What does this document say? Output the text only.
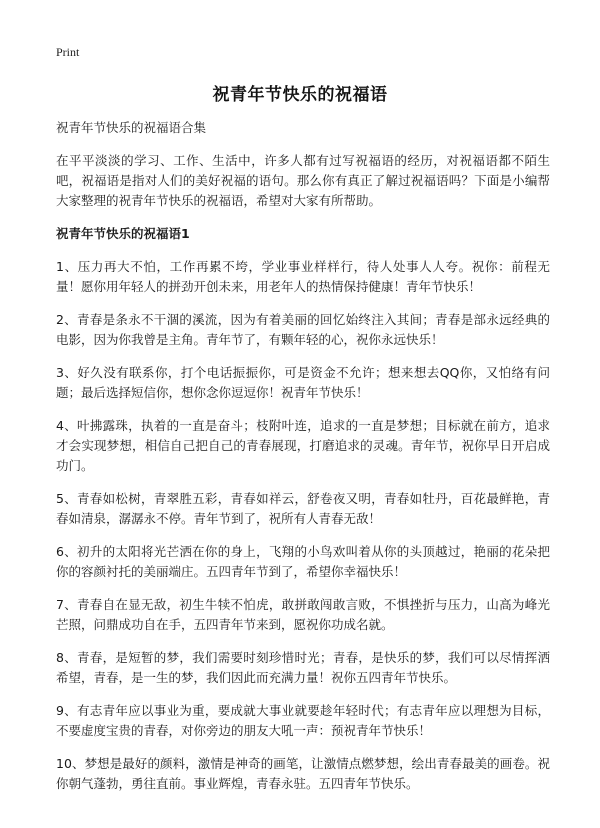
Print
祝青年节快乐的祝福语

祝青年节快乐的祝福语合集

在平平淡淡的学习、工作、生活中，许多人都有过写祝福语的经历，对祝福语都不陌生吧，祝福语是指对人们的美好祝福的语句。那么你有真正了解过祝福语吗？下面是小编帮大家整理的祝青年节快乐的祝福语，希望对大家有所帮助。

祝青年节快乐的祝福语1

1、压力再大不怕，工作再累不垮，学业事业样样行，待人处事人人夸。祝你：前程无量！愿你用年轻人的拼劲开创未来，用老年人的热情保持健康！青年节快乐！

2、青春是条永不干涸的溪流，因为有着美丽的回忆始终注入其间；青春是部永远经典的电影，因为你我曾是主角。青年节了，有颗年轻的心，祝你永远快乐！

3、好久没有联系你，打个电话振振你，可是资金不允许；想来想去QQ你，又怕络有问题；最后选择短信你，想你念你逗逗你！祝青年节快乐！

4、叶拂露珠，执着的一直是奋斗；枝附叶连，追求的一直是梦想；目标就在前方，追求才会实现梦想，相信自己把自己的青春展现，打磨追求的灵魂。青年节，祝你早日开启成功门。

5、青春如松树，青翠胜五彩，青春如祥云，舒卷夜又明，青春如牡丹，百花最鲜艳，青春如清泉，潺潺永不停。青年节到了，祝所有人青春无敌！

6、初升的太阳将光芒洒在你的身上，飞翔的小鸟欢叫着从你的头顶越过，艳丽的花朵把你的容颜衬托的美丽端庄。五四青年节到了，希望你幸福快乐！

7、青春自在显无敌，初生牛犊不怕虎，敢拼敢闯敢言败，不惧挫折与压力，山高为峰光芒照，问鼎成功自在手，五四青年节来到，愿祝你功成名就。

8、青春，是短暂的梦，我们需要时刻珍惜时光；青春，是快乐的梦，我们可以尽情挥洒希望，青春，是一生的梦，我们因此而充满力量！祝你五四青年节快乐。

9、有志青年应以事业为重，要成就大事业就要趁年轻时代；有志青年应以理想为目标，不要虚度宝贵的青春，对你旁边的朋友大吼一声：预祝青年节快乐！

10、梦想是最好的颜料，激情是神奇的画笔，让激情点燃梦想，绘出青春最美的画卷。祝你朝气蓬勃，勇往直前。事业辉煌，青春永驻。五四青年节快乐。
